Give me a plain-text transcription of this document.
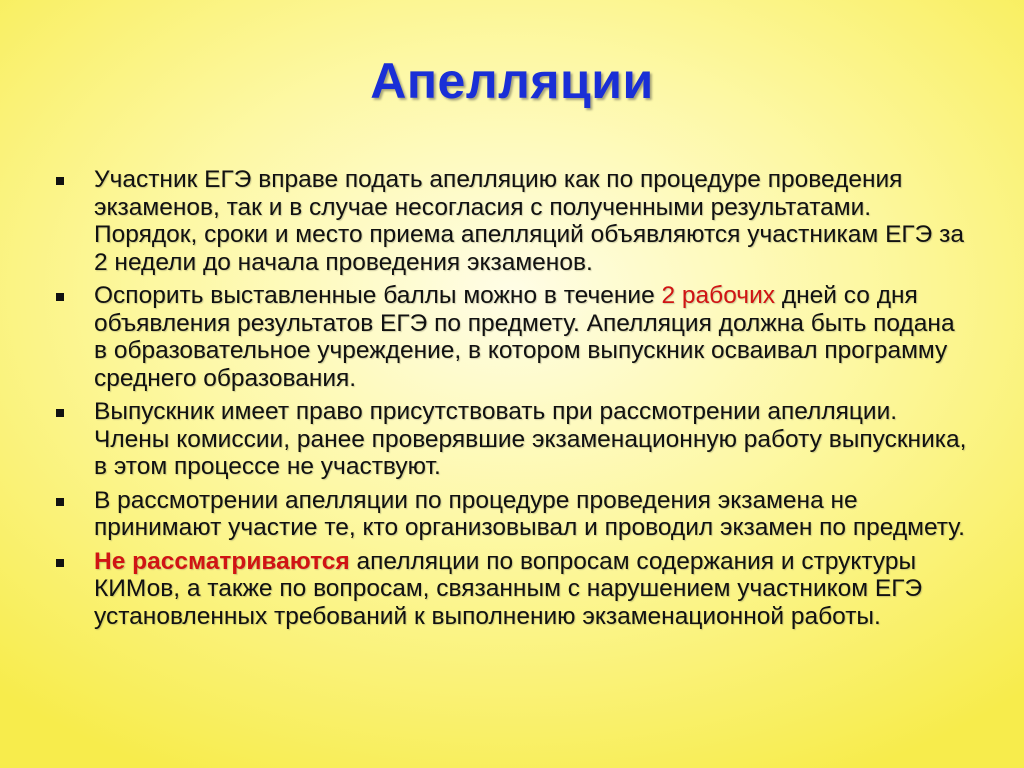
Апелляции
Участник ЕГЭ вправе подать апелляцию как по процедуре проведения экзаменов, так и в случае несогласия с полученными результатами. Порядок, сроки и место приема апелляций объявляются участникам ЕГЭ за 2 недели до начала проведения экзаменов.
Оспорить выставленные баллы можно в течение 2 рабочих дней со дня объявления результатов ЕГЭ по предмету. Апелляция должна быть подана в образовательное учреждение, в котором выпускник осваивал программу среднего образования.
Выпускник имеет право присутствовать при рассмотрении апелляции. Члены комиссии, ранее проверявшие экзаменационную работу выпускника, в этом процессе не участвуют.
В рассмотрении апелляции по процедуре проведения экзамена не принимают участие те, кто организовывал и проводил экзамен по предмету.
Не рассматриваются апелляции по вопросам содержания и структуры КИМов, а также по вопросам, связанным с нарушением участником ЕГЭ установленных требований к выполнению экзаменационной работы.
